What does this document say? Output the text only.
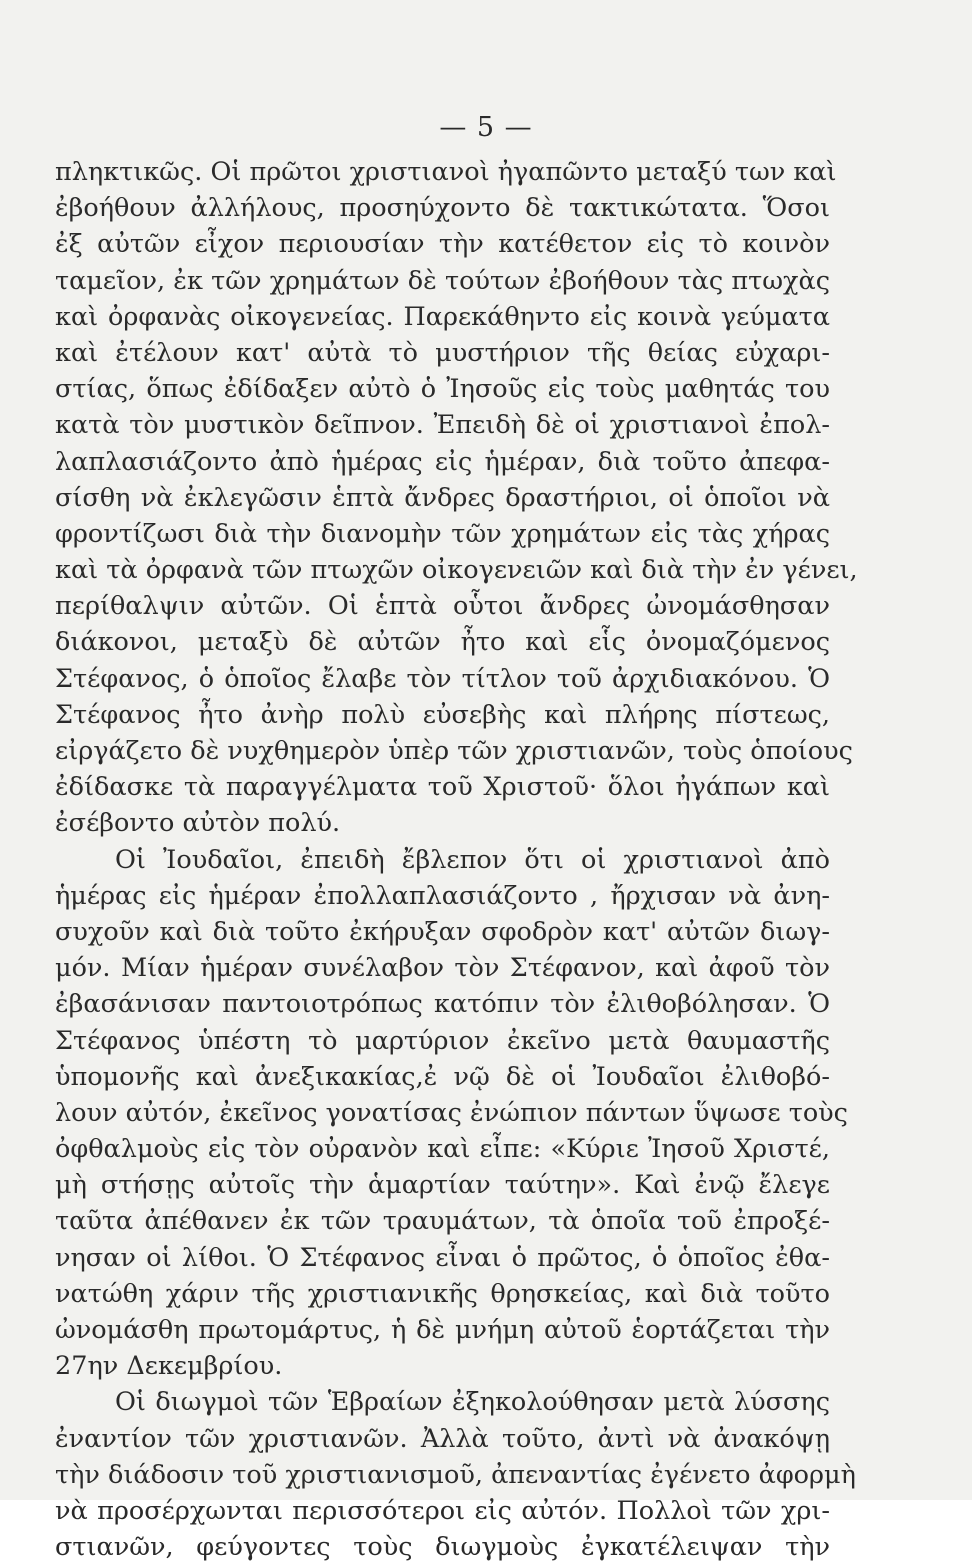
— 5 —
πληκτικῶς. Οἱ πρῶτοι χριστιανοὶ ἠγαπῶντο μεταξύ των καὶ
ἐβοήθουν ἀλλήλους, προσηύχοντο δὲ τακτικώτατα. Ὅσοι
ἐξ αὐτῶν εἶχον περιουσίαν τὴν κατέθετον εἰς τὸ κοινὸν
ταμεῖον, ἐκ τῶν χρημάτων δὲ τούτων ἐβοήθουν τὰς πτωχὰς
καὶ ὀρφανὰς οἰκογενείας. Παρεκάθηντο εἰς κοινὰ γεύματα
καὶ ἐτέλουν κατ' αὐτὰ τὸ μυστήριον τῆς θείας εὐχαρι-
στίας, ὅπως ἐδίδαξεν αὐτὸ ὁ Ἰησοῦς εἰς τοὺς μαθητάς του
κατὰ τὸν μυστικὸν δεῖπνον. Ἐπειδὴ δὲ οἱ χριστιανοὶ ἐπολ-
λαπλασιάζοντο ἀπὸ ἡμέρας εἰς ἡμέραν, διὰ τοῦτο ἀπεφα-
σίσθη νὰ ἐκλεγῶσιν ἑπτὰ ἄνδρες δραστήριοι, οἱ ὁποῖοι νὰ
φροντίζωσι διὰ τὴν διανομὴν τῶν χρημάτων εἰς τὰς χήρας
καὶ τὰ ὀρφανὰ τῶν πτωχῶν οἰκογενειῶν καὶ διὰ τὴν ἐν γένει,
περίθαλψιν αὐτῶν. Οἱ ἑπτὰ οὗτοι ἄνδρες ὠνομάσθησαν
διάκονοι, μεταξὺ δὲ αὐτῶν ἦτο καὶ εἷς ὀνομαζόμενος
Στέφανος, ὁ ὁποῖος ἔλαβε τὸν τίτλον τοῦ ἀρχιδιακόνου. Ὁ
Στέφανος ἦτο ἀνὴρ πολὺ εὐσεβὴς καὶ πλήρης πίστεως,
εἰργάζετο δὲ νυχθημερὸν ὑπὲρ τῶν χριστιανῶν, τοὺς ὁποίους
ἐδίδασκε τὰ παραγγέλματα τοῦ Χριστοῦ· ὅλοι ἠγάπων καὶ
ἐσέβοντο αὐτὸν πολύ.
Οἱ Ἰουδαῖοι, ἐπειδὴ ἔβλεπον ὅτι οἱ χριστιανοὶ ἀπὸ
ἡμέρας εἰς ἡμέραν ἐπολλαπλασιάζοντο , ἤρχισαν νὰ ἀνη-
συχοῦν καὶ διὰ τοῦτο ἐκήρυξαν σφοδρὸν κατ' αὐτῶν διωγ-
μόν. Μίαν ἡμέραν συνέλαβον τὸν Στέφανον, καὶ ἀφοῦ τὸν
ἐβασάνισαν παντοιοτρόπως κατόπιν τὸν ἐλιθοβόλησαν. Ὁ
Στέφανος ὑπέστη τὸ μαρτύριον ἐκεῖνο μετὰ θαυμαστῆς
ὑπομονῆς καὶ ἀνεξικακίας,ἐ νῷ δὲ οἱ Ἰουδαῖοι ἐλιθοβό-
λουν αὐτόν, ἐκεῖνος γονατίσας ἐνώπιον πάντων ὕψωσε τοὺς
ὀφθαλμοὺς εἰς τὸν οὐρανὸν καὶ εἶπε: «Κύριε Ἰησοῦ Χριστέ,
μὴ στήσῃς αὐτοῖς τὴν ἁμαρτίαν ταύτην». Καὶ ἐνῷ ἔλεγε
ταῦτα ἀπέθανεν ἐκ τῶν τραυμάτων, τὰ ὁποῖα τοῦ ἐπροξέ-
νησαν οἱ λίθοι. Ὁ Στέφανος εἶναι ὁ πρῶτος, ὁ ὁποῖος ἐθα-
νατώθη χάριν τῆς χριστιανικῆς θρησκείας, καὶ διὰ τοῦτο
ὠνομάσθη πρωτομάρτυς, ἡ δὲ μνήμη αὐτοῦ ἑορτάζεται τὴν
27ην Δεκεμβρίου.
Οἱ διωγμοὶ τῶν Ἑβραίων ἐξηκολούθησαν μετὰ λύσσης
ἐναντίον τῶν χριστιανῶν. Ἀλλὰ τοῦτο, ἀντὶ νὰ ἀνακόψῃ
τὴν διάδοσιν τοῦ χριστιανισμοῦ, ἀπεναντίας ἐγένετο ἀφορμὴ
νὰ προσέρχωνται περισσότεροι εἰς αὐτόν. Πολλοὶ τῶν χρι-
στιανῶν, φεύγοντες τοὺς διωγμοὺς ἐγκατέλειψαν τὴν
